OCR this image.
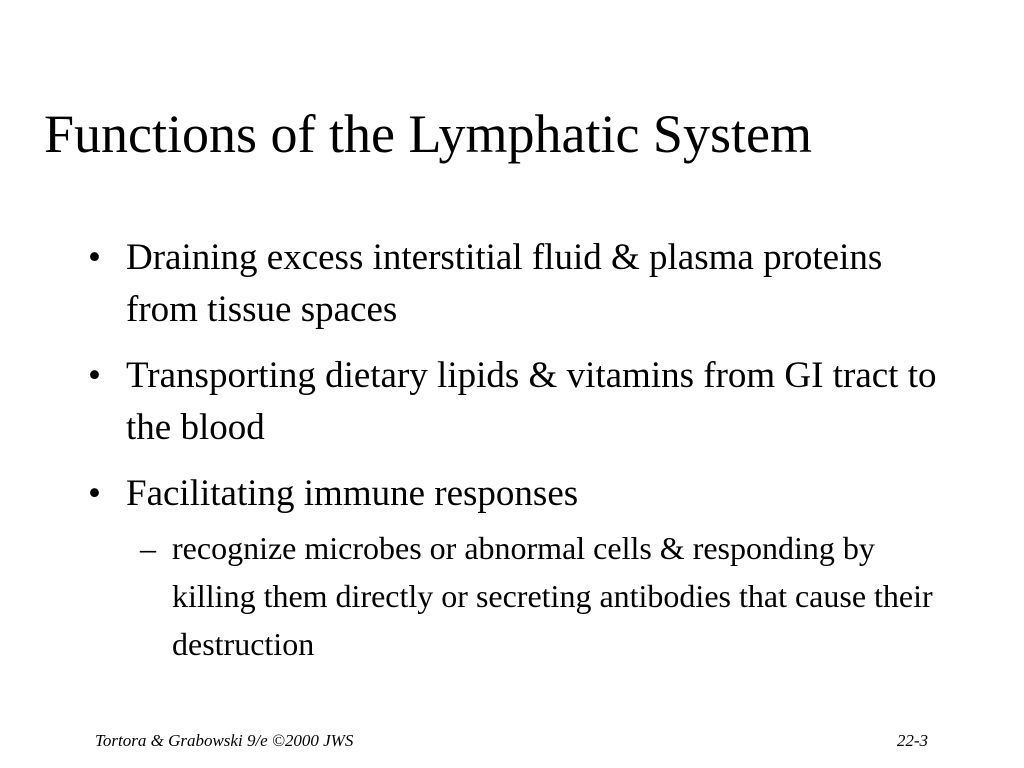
Functions of the Lymphatic System
• Draining excess interstitial fluid & plasma proteins from tissue spaces
• Transporting dietary lipids & vitamins from GI tract to the blood
• Facilitating immune responses
– recognize microbes or abnormal cells & responding by killing them directly or secreting antibodies that cause their destruction
Tortora & Grabowski 9/e ©2000 JWS	22-3
